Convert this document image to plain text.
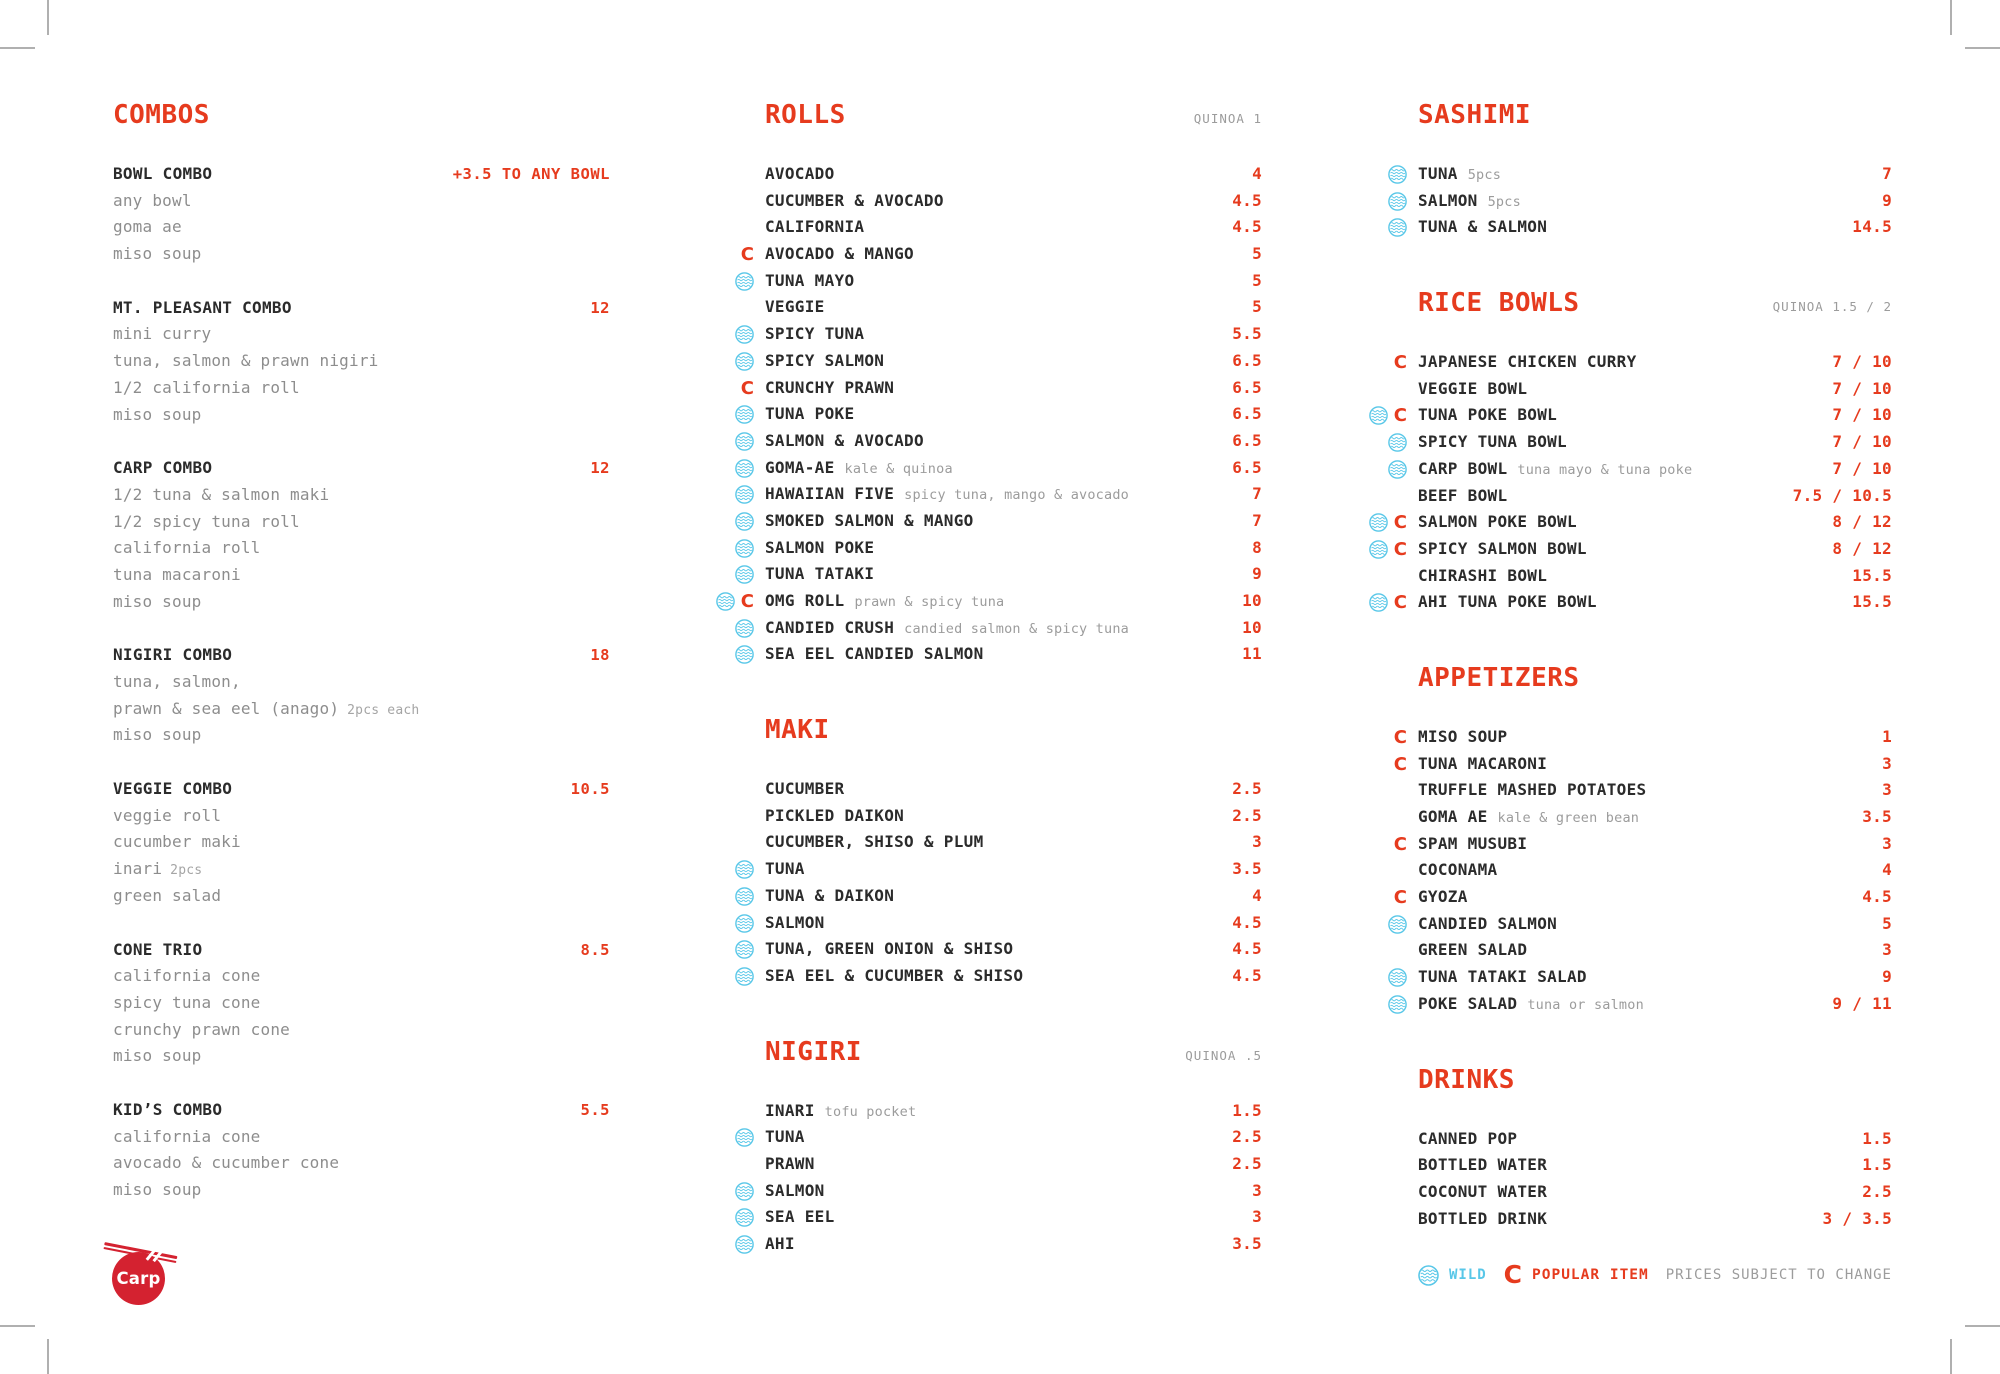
COMBOS
BOWL COMBO	+3.5 TO ANY BOWL
any bowl
goma ae
miso soup
MT. PLEASANT COMBO	12
mini curry
tuna, salmon & prawn nigiri
1/2 california roll
miso soup
CARP COMBO	12
1/2 tuna & salmon maki
1/2 spicy tuna roll
california roll
tuna macaroni
miso soup
NIGIRI COMBO	18
tuna, salmon,
prawn & sea eel (anago) 2pcs each
miso soup
VEGGIE COMBO	10.5
veggie roll
cucumber maki
inari 2pcs
green salad
CONE TRIO	8.5
california cone
spicy tuna cone
crunchy prawn cone
miso soup
KID’S COMBO	5.5
california cone
avocado & cucumber cone
miso soup
ROLLS	QUINOA 1
AVOCADO	4
CUCUMBER & AVOCADO	4.5
CALIFORNIA	4.5
C AVOCADO & MANGO	5
TUNA MAYO	5
VEGGIE	5
SPICY TUNA	5.5
SPICY SALMON	6.5
C CRUNCHY PRAWN	6.5
TUNA POKE	6.5
SALMON & AVOCADO	6.5
GOMA-AE kale & quinoa	6.5
HAWAIIAN FIVE spicy tuna, mango & avocado	7
SMOKED SALMON & MANGO	7
SALMON POKE	8
TUNA TATAKI	9
C OMG ROLL prawn & spicy tuna	10
CANDIED CRUSH candied salmon & spicy tuna	10
SEA EEL CANDIED SALMON	11
MAKI
CUCUMBER	2.5
PICKLED DAIKON	2.5
CUCUMBER, SHISO & PLUM	3
TUNA	3.5
TUNA & DAIKON	4
SALMON	4.5
TUNA, GREEN ONION & SHISO	4.5
SEA EEL & CUCUMBER & SHISO	4.5
NIGIRI	QUINOA .5
INARI tofu pocket	1.5
TUNA	2.5
PRAWN	2.5
SALMON	3
SEA EEL	3
AHI	3.5
SASHIMI
TUNA 5pcs	7
SALMON 5pcs	9
TUNA & SALMON	14.5
RICE BOWLS	QUINOA 1.5 / 2
C JAPANESE CHICKEN CURRY	7 / 10
VEGGIE BOWL	7 / 10
C TUNA POKE BOWL	7 / 10
SPICY TUNA BOWL	7 / 10
CARP BOWL tuna mayo & tuna poke	7 / 10
BEEF BOWL	7.5 / 10.5
C SALMON POKE BOWL	8 / 12
C SPICY SALMON BOWL	8 / 12
CHIRASHI BOWL	15.5
C AHI TUNA POKE BOWL	15.5
APPETIZERS
C MISO SOUP	1
C TUNA MACARONI	3
TRUFFLE MASHED POTATOES	3
GOMA AE kale & green bean	3.5
C SPAM MUSUBI	3
COCONAMA	4
C GYOZA	4.5
CANDIED SALMON	5
GREEN SALAD	3
TUNA TATAKI SALAD	9
POKE SALAD tuna or salmon	9 / 11
DRINKS
CANNED POP	1.5
BOTTLED WATER	1.5
COCONUT WATER	2.5
BOTTLED DRINK	3 / 3.5
Carp	WILD C POPULAR ITEM PRICES SUBJECT TO CHANGE
